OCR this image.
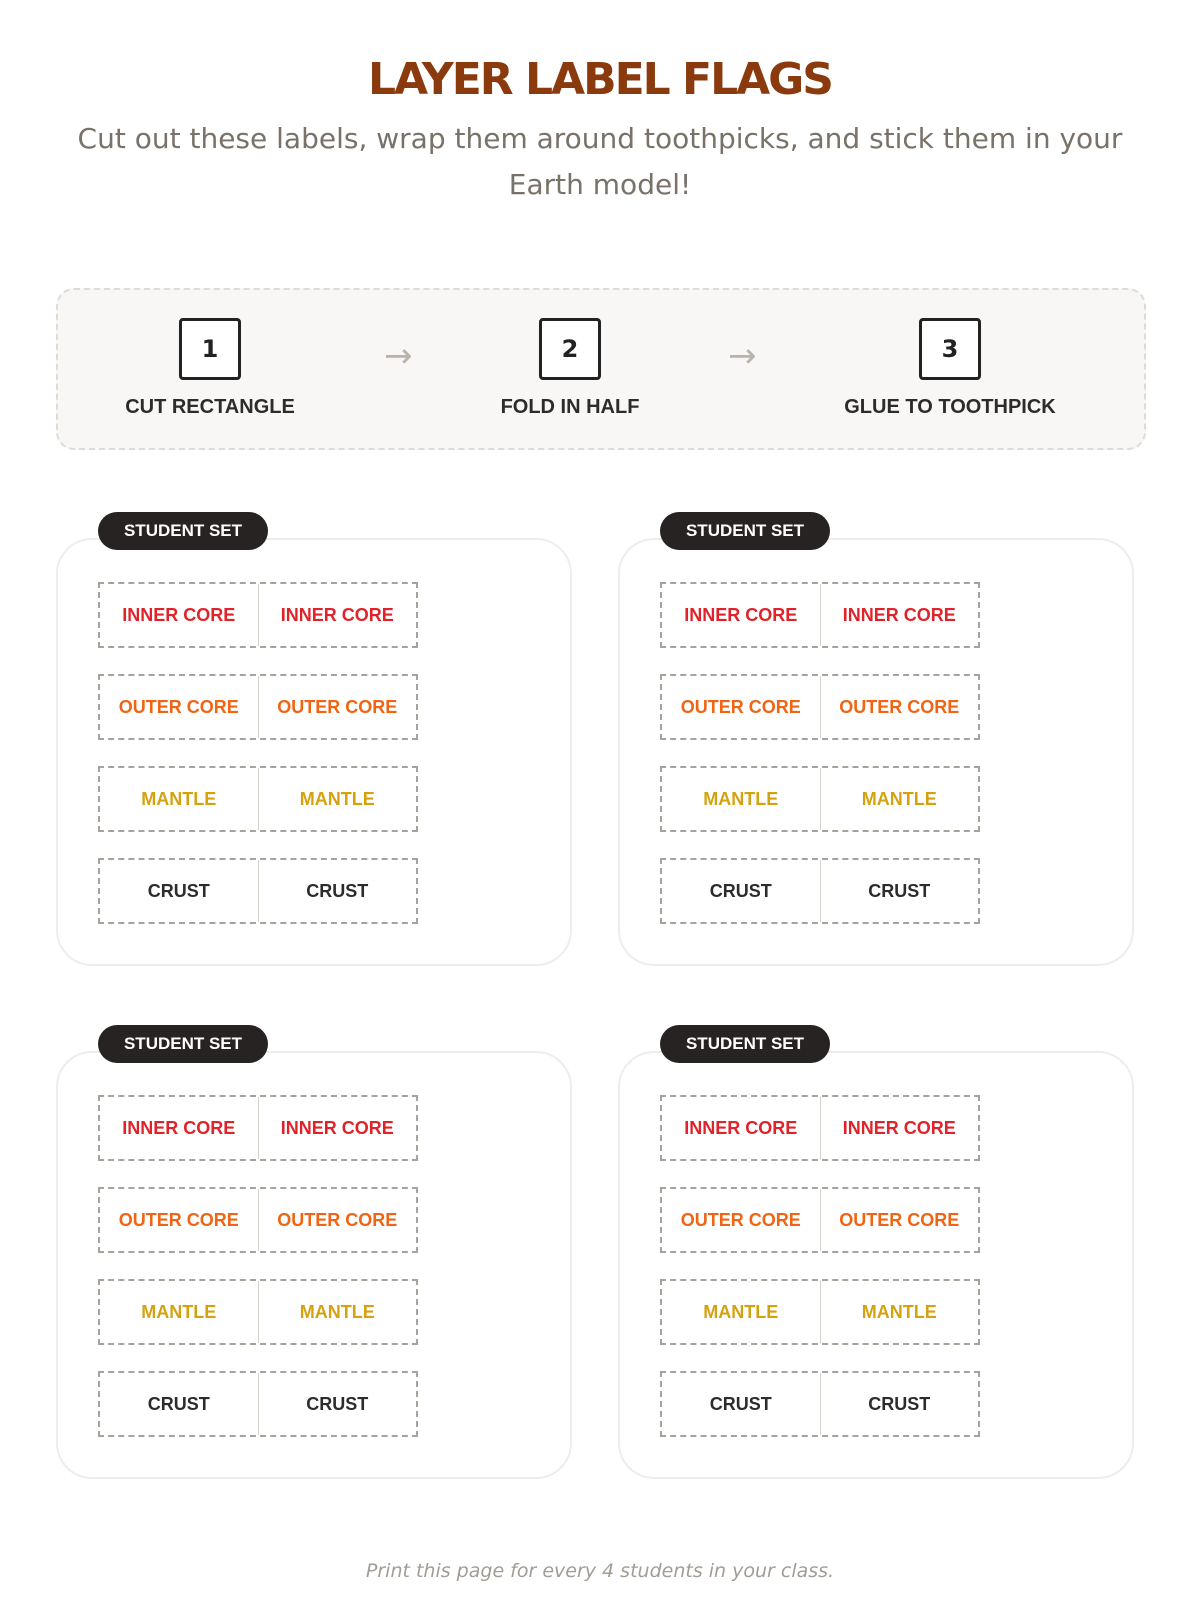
LAYER LABEL FLAGS

Cut out these labels, wrap them around toothpicks, and stick them in your Earth model!

1
CUT RECTANGLE
→	2
FOLD IN HALF
→	3
GLUE TO TOOTHPICK
STUDENT SET
INNER CORE	INNER CORE
OUTER CORE	OUTER CORE
MANTLE	MANTLE
CRUST	CRUST
STUDENT SET
INNER CORE	INNER CORE
OUTER CORE	OUTER CORE
MANTLE	MANTLE
CRUST	CRUST
STUDENT SET
INNER CORE	INNER CORE
OUTER CORE	OUTER CORE
MANTLE	MANTLE
CRUST	CRUST
STUDENT SET
INNER CORE	INNER CORE
OUTER CORE	OUTER CORE
MANTLE	MANTLE
CRUST	CRUST

Print this page for every 4 students in your class.
